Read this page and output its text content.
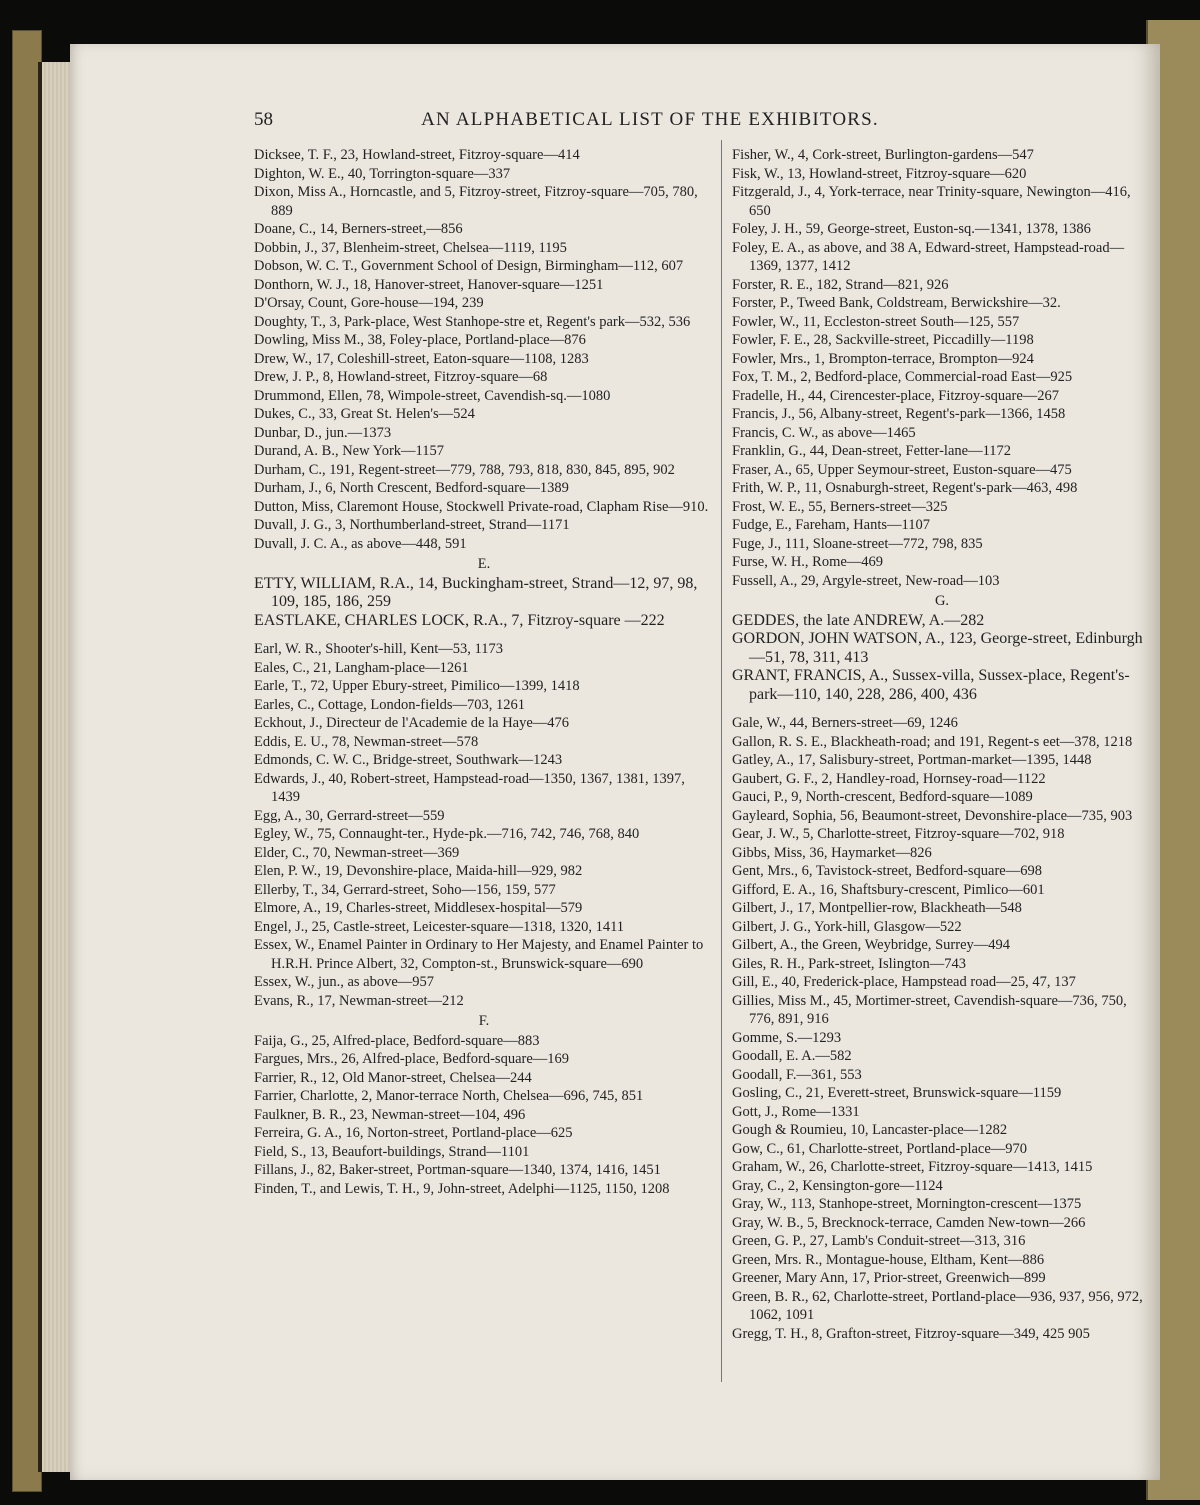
58	AN ALPHABETICAL LIST OF THE EXHIBITORS.
Dicksee, T. F., 23, Howland-street, Fitzroy-square—414
Dighton, W. E., 40, Torrington-square—337
Dixon, Miss A., Horncastle, and 5, Fitzroy-street, Fitzroy-square—705, 780, 889
Doane, C., 14, Berners-street,—856
Dobbin, J., 37, Blenheim-street, Chelsea—1119, 1195
Dobson, W. C. T., Government School of Design, Birmingham—112, 607
Donthorn, W. J., 18, Hanover-street, Hanover-square—1251
D'Orsay, Count, Gore-house—194, 239
Doughty, T., 3, Park-place, West Stanhope-stre et, Regent's park—532, 536
Dowling, Miss M., 38, Foley-place, Portland-place—876
Drew, W., 17, Coleshill-street, Eaton-square—1108, 1283
Drew, J. P., 8, Howland-street, Fitzroy-square—68
Drummond, Ellen, 78, Wimpole-street, Cavendish-sq.—1080
Dukes, C., 33, Great St. Helen's—524
Dunbar, D., jun.—1373
Durand, A. B., New York—1157
Durham, C., 191, Regent-street—779, 788, 793, 818, 830, 845, 895, 902
Durham, J., 6, North Crescent, Bedford-square—1389
Dutton, Miss, Claremont House, Stockwell Private-road, Clapham Rise—910.
Duvall, J. G., 3, Northumberland-street, Strand—1171
Duvall, J. C. A., as above—448, 591
E.
ETTY, WILLIAM, R.A., 14, Buckingham-street, Strand—12, 97, 98, 109, 185, 186, 259
EASTLAKE, CHARLES LOCK, R.A., 7, Fitzroy-square —222
Earl, W. R., Shooter's-hill, Kent—53, 1173
Eales, C., 21, Langham-place—1261
Earle, T., 72, Upper Ebury-street, Pimilico—1399, 1418
Earles, C., Cottage, London-fields—703, 1261
Eckhout, J., Directeur de l'Academie de la Haye—476
Eddis, E. U., 78, Newman-street—578
Edmonds, C. W. C., Bridge-street, Southwark—1243
Edwards, J., 40, Robert-street, Hampstead-road—1350, 1367, 1381, 1397, 1439
Egg, A., 30, Gerrard-street—559
Egley, W., 75, Connaught-ter., Hyde-pk.—716, 742, 746, 768, 840
Elder, C., 70, Newman-street—369
Elen, P. W., 19, Devonshire-place, Maida-hill—929, 982
Ellerby, T., 34, Gerrard-street, Soho—156, 159, 577
Elmore, A., 19, Charles-street, Middlesex-hospital—579
Engel, J., 25, Castle-street, Leicester-square—1318, 1320, 1411
Essex, W., Enamel Painter in Ordinary to Her Majesty, and Enamel Painter to H.R.H. Prince Albert, 32, Compton-st., Brunswick-square—690
Essex, W., jun., as above—957
Evans, R., 17, Newman-street—212
F.
Faija, G., 25, Alfred-place, Bedford-square—883
Fargues, Mrs., 26, Alfred-place, Bedford-square—169
Farrier, R., 12, Old Manor-street, Chelsea—244
Farrier, Charlotte, 2, Manor-terrace North, Chelsea—696, 745, 851
Faulkner, B. R., 23, Newman-street—104, 496
Ferreira, G. A., 16, Norton-street, Portland-place—625
Field, S., 13, Beaufort-buildings, Strand—1101
Fillans, J., 82, Baker-street, Portman-square—1340, 1374, 1416, 1451
Finden, T., and Lewis, T. H., 9, John-street, Adelphi—1125, 1150, 1208
Fisher, W., 4, Cork-street, Burlington-gardens—547
Fisk, W., 13, Howland-street, Fitzroy-square—620
Fitzgerald, J., 4, York-terrace, near Trinity-square, Newington—416, 650
Foley, J. H., 59, George-street, Euston-sq.—1341, 1378, 1386
Foley, E. A., as above, and 38 A, Edward-street, Hampstead-road—1369, 1377, 1412
Forster, R. E., 182, Strand—821, 926
Forster, P., Tweed Bank, Coldstream, Berwickshire—32.
Fowler, W., 11, Eccleston-street South—125, 557
Fowler, F. E., 28, Sackville-street, Piccadilly—1198
Fowler, Mrs., 1, Brompton-terrace, Brompton—924
Fox, T. M., 2, Bedford-place, Commercial-road East—925
Fradelle, H., 44, Cirencester-place, Fitzroy-square—267
Francis, J., 56, Albany-street, Regent's-park—1366, 1458
Francis, C. W., as above—1465
Franklin, G., 44, Dean-street, Fetter-lane—1172
Fraser, A., 65, Upper Seymour-street, Euston-square—475
Frith, W. P., 11, Osnaburgh-street, Regent's-park—463, 498
Frost, W. E., 55, Berners-street—325
Fudge, E., Fareham, Hants—1107
Fuge, J., 111, Sloane-street—772, 798, 835
Furse, W. H., Rome—469
Fussell, A., 29, Argyle-street, New-road—103
G.
GEDDES, the late ANDREW, A.—282
GORDON, JOHN WATSON, A., 123, George-street, Edinburgh—51, 78, 311, 413
GRANT, FRANCIS, A., Sussex-villa, Sussex-place, Regent's-park—110, 140, 228, 286, 400, 436
Gale, W., 44, Berners-street—69, 1246
Gallon, R. S. E., Blackheath-road; and 191, Regent-s eet—378, 1218
Gatley, A., 17, Salisbury-street, Portman-market—1395, 1448
Gaubert, G. F., 2, Handley-road, Hornsey-road—1122
Gauci, P., 9, North-crescent, Bedford-square—1089
Gayleard, Sophia, 56, Beaumont-street, Devonshire-place—735, 903
Gear, J. W., 5, Charlotte-street, Fitzroy-square—702, 918
Gibbs, Miss, 36, Haymarket—826
Gent, Mrs., 6, Tavistock-street, Bedford-square—698
Gifford, E. A., 16, Shaftsbury-crescent, Pimlico—601
Gilbert, J., 17, Montpellier-row, Blackheath—548
Gilbert, J. G., York-hill, Glasgow—522
Gilbert, A., the Green, Weybridge, Surrey—494
Giles, R. H., Park-street, Islington—743
Gill, E., 40, Frederick-place, Hampstead road—25, 47, 137
Gillies, Miss M., 45, Mortimer-street, Cavendish-square—736, 750, 776, 891, 916
Gomme, S.—1293
Goodall, E. A.—582
Goodall, F.—361, 553
Gosling, C., 21, Everett-street, Brunswick-square—1159
Gott, J., Rome—1331
Gough & Roumieu, 10, Lancaster-place—1282
Gow, C., 61, Charlotte-street, Portland-place—970
Graham, W., 26, Charlotte-street, Fitzroy-square—1413, 1415
Gray, C., 2, Kensington-gore—1124
Gray, W., 113, Stanhope-street, Mornington-crescent—1375
Gray, W. B., 5, Brecknock-terrace, Camden New-town—266
Green, G. P., 27, Lamb's Conduit-street—313, 316
Green, Mrs. R., Montague-house, Eltham, Kent—886
Greener, Mary Ann, 17, Prior-street, Greenwich—899
Green, B. R., 62, Charlotte-street, Portland-place—936, 937, 956, 972, 1062, 1091
Gregg, T. H., 8, Grafton-street, Fitzroy-square—349, 425 905
